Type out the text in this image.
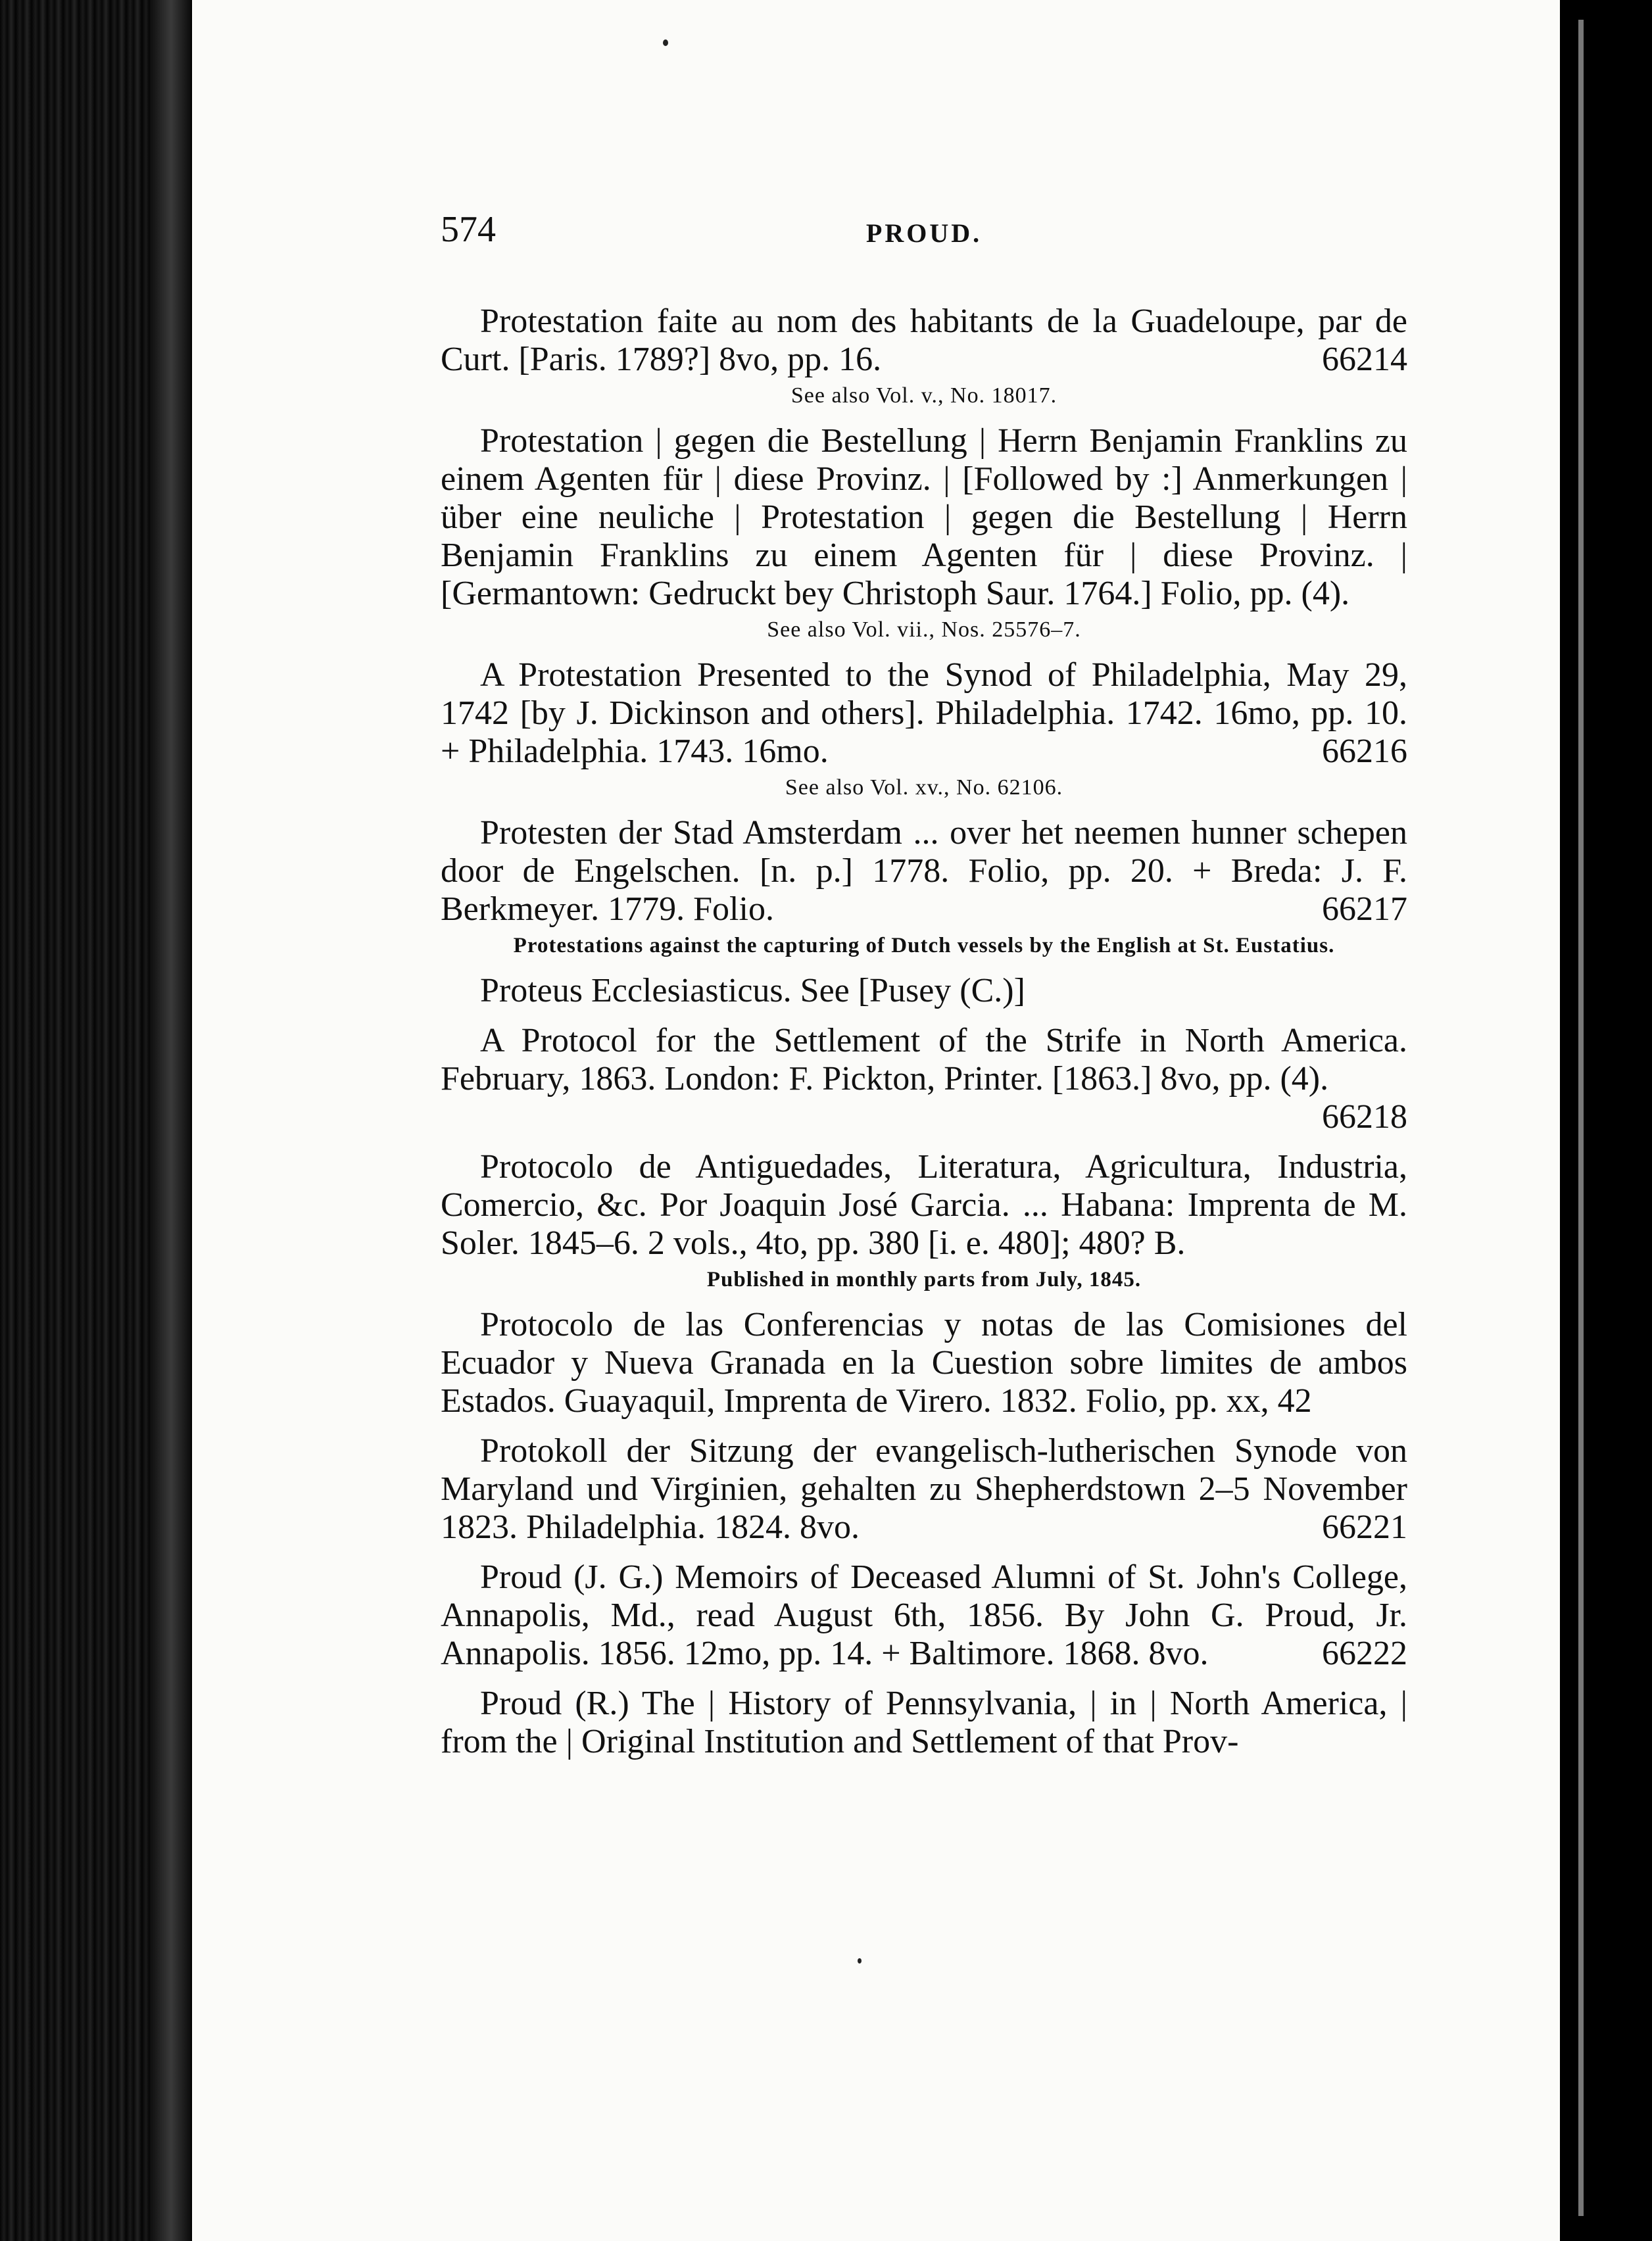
574	PROUD.
Protestation faite au nom des habitants de la Guadeloupe, par de Curt. [Paris. 1789?] 8vo, pp. 16.	66214
See also Vol. v., No. 18017.
Protestation | gegen die Bestellung | Herrn Benjamin Franklins zu einem Agenten für | diese Provinz. | [Followed by :] Anmerkungen | über eine neuliche | Protestation | gegen die Bestellung | Herrn Benjamin Franklins zu einem Agenten für | diese Provinz. | [Germantown: Gedruckt bey Christoph Saur. 1764.] Folio, pp. (4).
See also Vol. vii., Nos. 25576–7.
A Protestation Presented to the Synod of Philadelphia, May 29, 1742 [by J. Dickinson and others]. Philadelphia. 1742. 16mo, pp. 10. + Philadelphia. 1743. 16mo.	66216
See also Vol. xv., No. 62106.
Protesten der Stad Amsterdam ... over het neemen hunner schepen door de Engelschen. [n. p.] 1778. Folio, pp. 20. + Breda: J. F. Berkmeyer. 1779. Folio.	66217
Protestations against the capturing of Dutch vessels by the English at St. Eustatius.
Proteus Ecclesiasticus. See [Pusey (C.)]
A Protocol for the Settlement of the Strife in North America. February, 1863. London: F. Pickton, Printer. [1863.] 8vo, pp. (4).
66218
Protocolo de Antiguedades, Literatura, Agricultura, Industria, Comercio, &c. Por Joaquin José Garcia. ... Habana: Imprenta de M. Soler. 1845–6. 2 vols., 4to, pp. 380 [i. e. 480]; 480? B.
Published in monthly parts from July, 1845.
Protocolo de las Conferencias y notas de las Comisiones del Ecuador y Nueva Granada en la Cuestion sobre limites de ambos Estados. Guayaquil, Imprenta de Virero. 1832. Folio, pp. xx, 42
Protokoll der Sitzung der evangelisch-lutherischen Synode von Maryland und Virginien, gehalten zu Shepherdstown 2–5 November 1823. Philadelphia. 1824. 8vo.	66221
Proud (J. G.) Memoirs of Deceased Alumni of St. John's College, Annapolis, Md., read August 6th, 1856. By John G. Proud, Jr. Annapolis. 1856. 12mo, pp. 14. + Baltimore. 1868. 8vo.	66222
Proud (R.) The | History of Pennsylvania, | in | North America, | from the | Original Institution and Settlement of that Prov-
